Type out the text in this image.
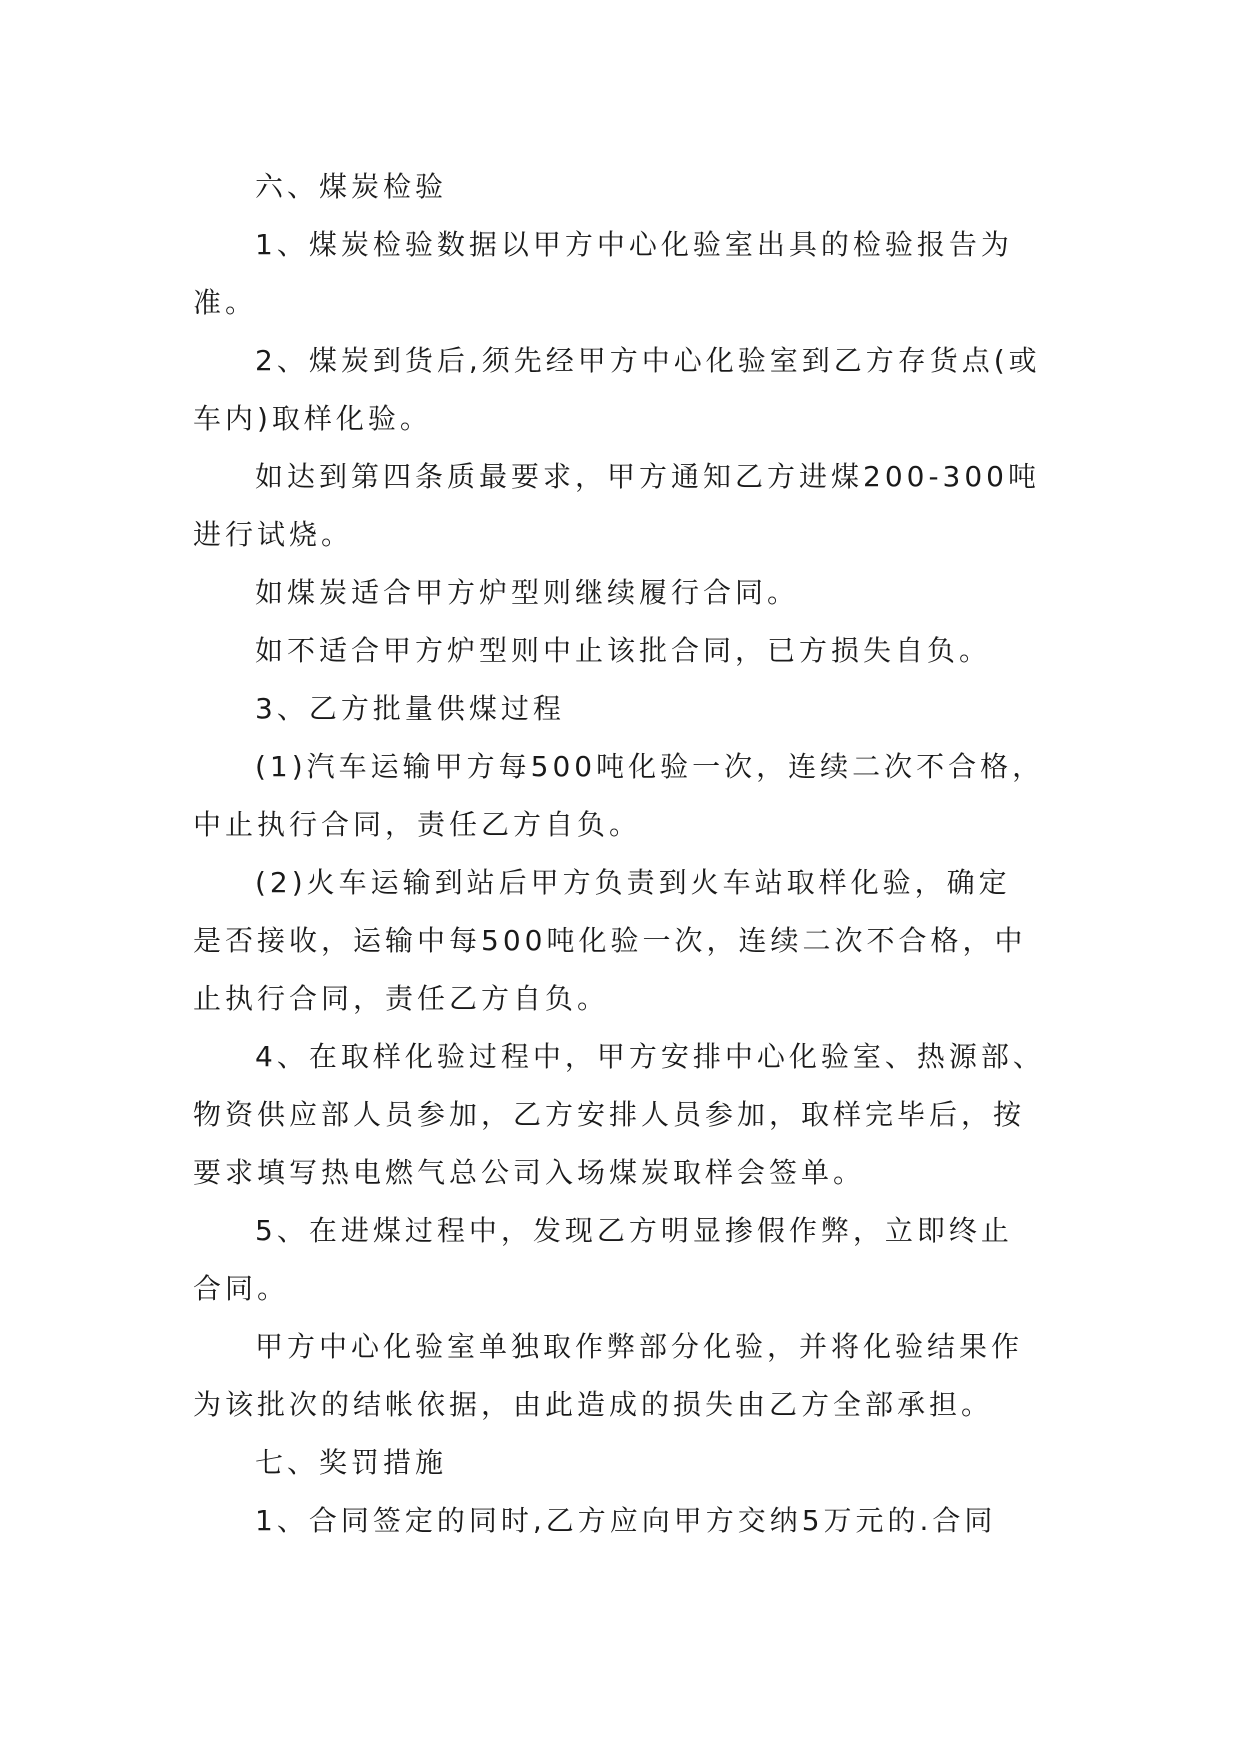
六、煤炭检验
1、煤炭检验数据以甲方中心化验室出具的检验报告为
准。
2、煤炭到货后,须先经甲方中心化验室到乙方存货点(或
车内)取样化验。
如达到第四条质最要求，甲方通知乙方进煤200-300吨
进行试烧。
如煤炭适合甲方炉型则继续履行合同。
如不适合甲方炉型则中止该批合同，已方损失自负。
3、乙方批量供煤过程
(1)汽车运输甲方每500吨化验一次，连续二次不合格，
中止执行合同，责任乙方自负。
(2)火车运输到站后甲方负责到火车站取样化验，确定
是否接收，运输中每500吨化验一次，连续二次不合格，中
止执行合同，责任乙方自负。
4、在取样化验过程中，甲方安排中心化验室、热源部、
物资供应部人员参加，乙方安排人员参加，取样完毕后，按
要求填写热电燃气总公司入场煤炭取样会签单。
5、在进煤过程中，发现乙方明显掺假作弊，立即终止
合同。
甲方中心化验室单独取作弊部分化验，并将化验结果作
为该批次的结帐依据，由此造成的损失由乙方全部承担。
七、奖罚措施
1、合同签定的同时,乙方应向甲方交纳5万元的.合同
